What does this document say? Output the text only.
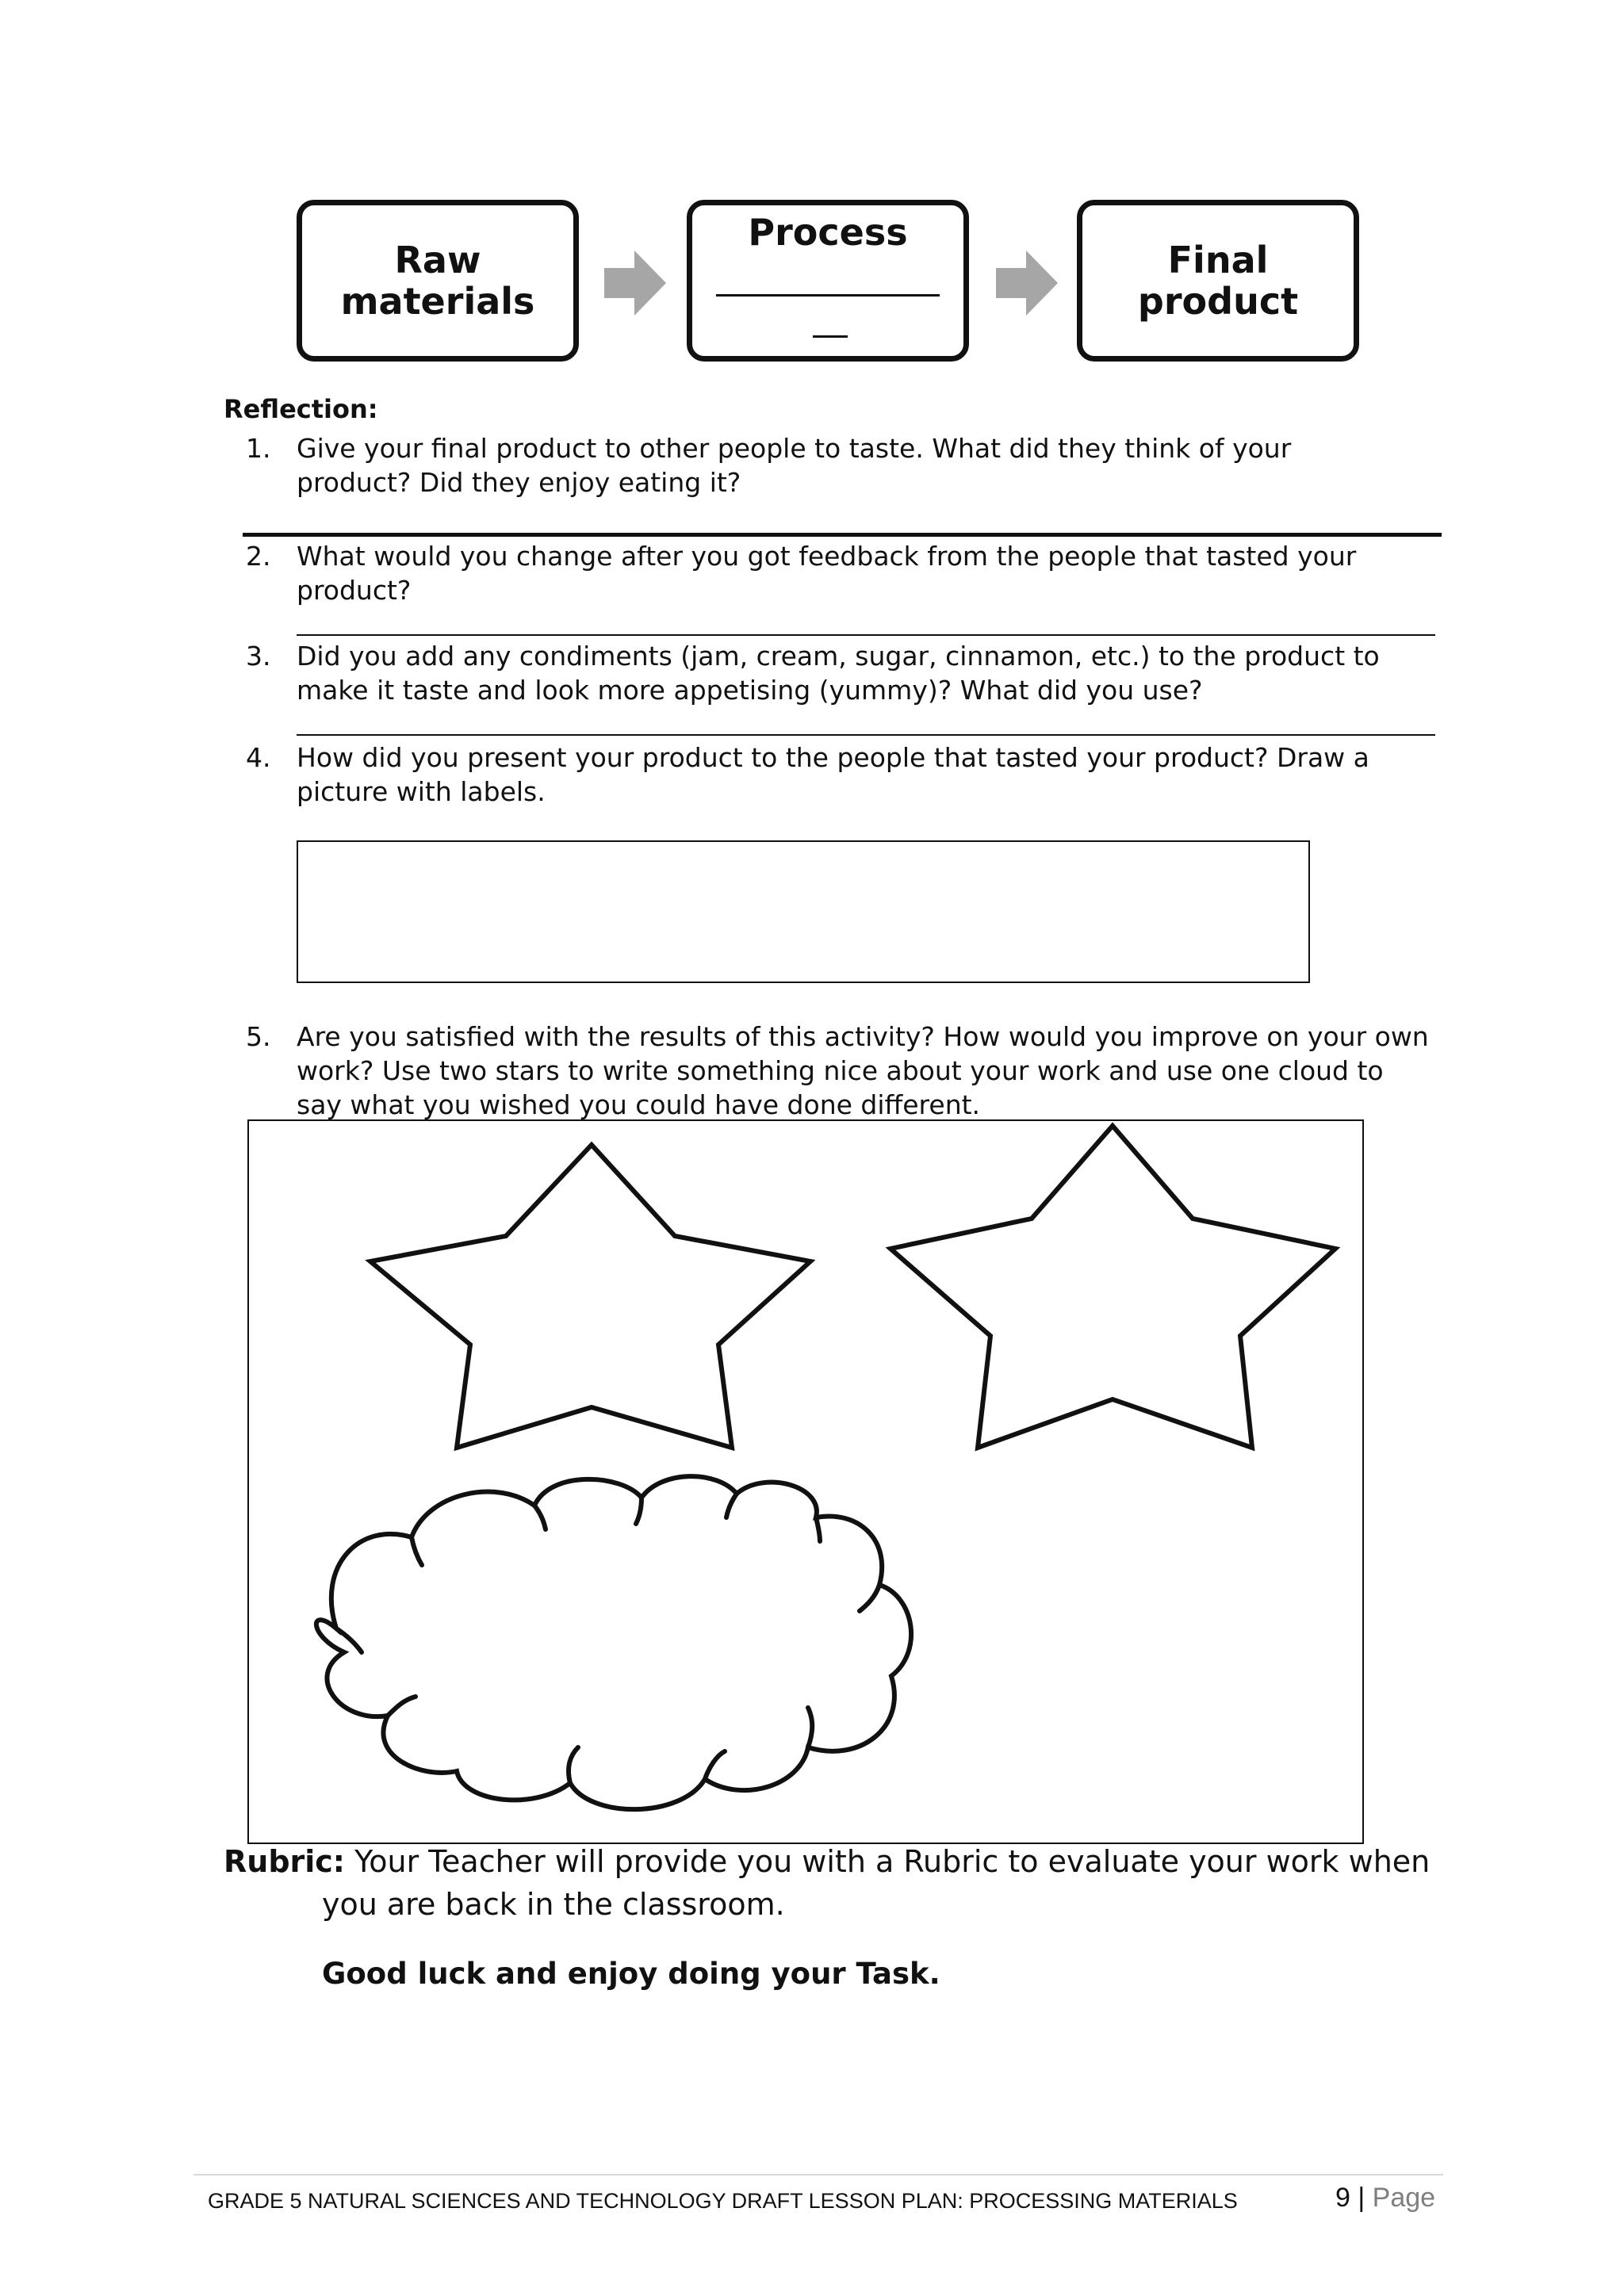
Raw
materials
Process
Final product
Reflection:
1. Give your final product to other people to taste. What did they think of your
product? Did they enjoy eating it?
2. What would you change after you got feedback from the people that tasted your
product?
3. Did you add any condiments (jam, cream, sugar, cinnamon, etc.) to the product to
make it taste and look more appetising (yummy)? What did you use?
4. How did you present your product to the people that tasted your product? Draw a
picture with labels.
5. Are you satisfied with the results of this activity? How would you improve on your own
work? Use two stars to write something nice about your work and use one cloud to
say what you wished you could have done different.
Rubric: Your Teacher will provide you with a Rubric to evaluate your work when
you are back in the classroom.
Good luck and enjoy doing your Task.
GRADE 5 NATURAL SCIENCES AND TECHNOLOGY DRAFT LESSON PLAN: PROCESSING MATERIALS	9 | Page
